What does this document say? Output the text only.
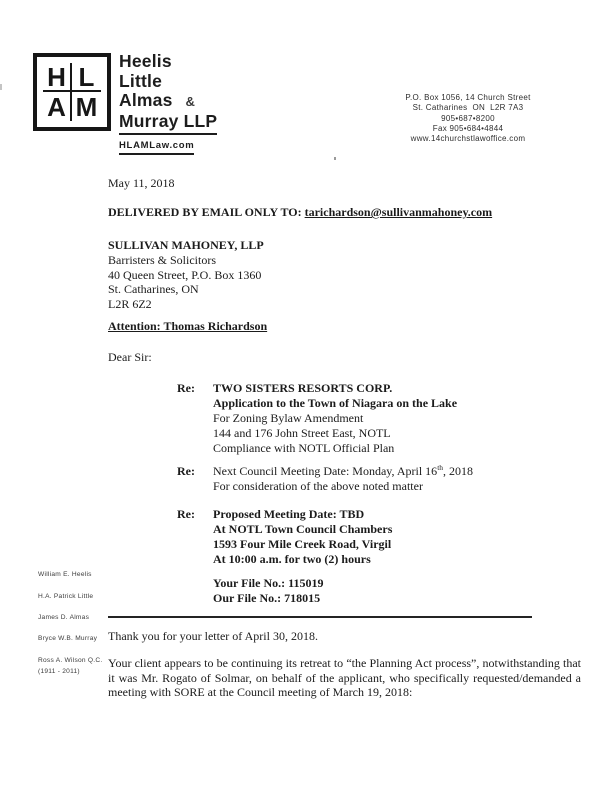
H L
A M
Heelis
Little
Almas &
Murray LLP
HLAMLaw.com
P.O. Box 1056, 14 Church Street
St. Catharines  ON  L2R 7A3
905•687•8200
Fax 905•684•4844
www.14churchstlawoffice.com
May 11, 2018
DELIVERED BY EMAIL ONLY TO: tarichardson@sullivanmahoney.com
SULLIVAN MAHONEY, LLP
Barristers & Solicitors
40 Queen Street, P.O. Box 1360
St. Catharines, ON
L2R 6Z2
Attention: Thomas Richardson
Dear Sir:
Re:	TWO SISTERS RESORTS CORP.
Application to the Town of Niagara on the Lake
For Zoning Bylaw Amendment
144 and 176 John Street East, NOTL
Compliance with NOTL Official Plan
Re:	Next Council Meeting Date: Monday, April 16th, 2018
For consideration of the above noted matter
Re:	Proposed Meeting Date: TBD
At NOTL Town Council Chambers
1593 Four Mile Creek Road, Virgil
At 10:00 a.m. for two (2) hours
Your File No.: 115019
Our File No.: 718015
Thank you for your letter of April 30, 2018.
Your client appears to be continuing its retreat to “the Planning Act process”, notwithstanding that it was Mr. Rogato of Solmar, on behalf of the applicant, who specifically requested/demanded a meeting with SORE at the Council meeting of March 19, 2018:
William E. Heelis
H.A. Patrick Little
James D. Almas
Bryce W.B. Murray
Ross A. Wilson Q.C.
(1911 - 2011)
